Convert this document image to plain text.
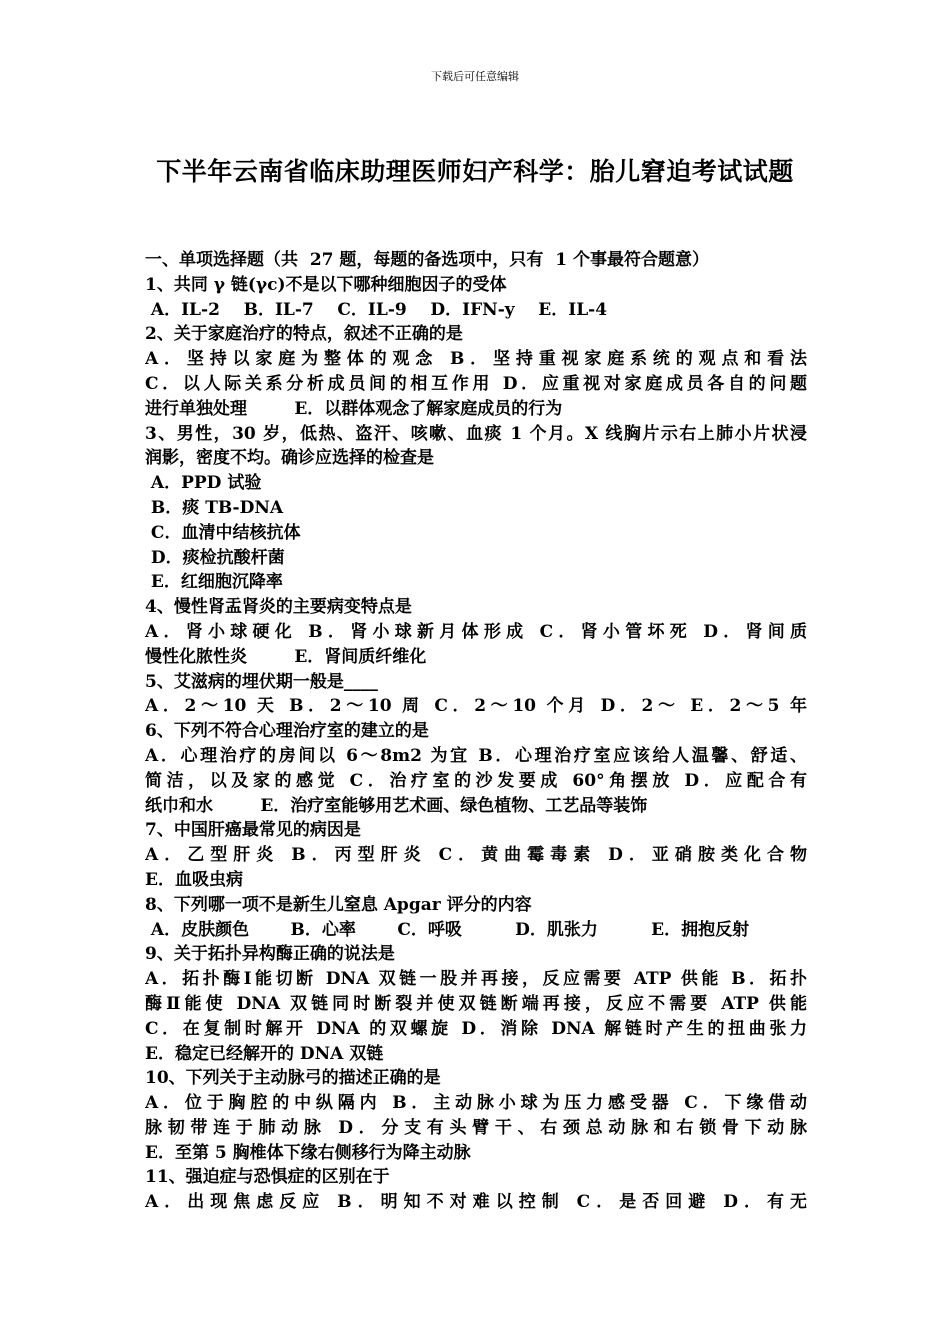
下载后可任意编辑
下半年云南省临床助理医师妇产科学：胎儿窘迫考试试题
一、单项选择题（共  27 题，每题的备选项中，只有  1 个事最符合题意）
1、共同 γ 链(γc)不是以下哪种细胞因子的受体
A．IL-2    B．IL-7    C．IL-9    D．IFN-y    E．IL-4
2、关于家庭治疗的特点，叙述不正确的是
A．坚持以家庭为整体的观念 B．坚持重视家庭系统的观点和看法
C．以人际关系分析成员间的相互作用 D．应重视对家庭成员各自的问题
进行单独处理        E．以群体观念了解家庭成员的行为
3、男性，30 岁，低热、盗汗、咳嗽、血痰 1 个月。X 线胸片示右上肺小片状浸
润影，密度不均。确诊应选择的检查是
A．PPD 试验
B．痰 TB-DNA
C．血清中结核抗体
D．痰检抗酸杆菌
E．红细胞沉降率
4、慢性肾盂肾炎的主要病变特点是
A．肾小球硬化 B．肾小球新月体形成 C．肾小管坏死 D．肾间质
慢性化脓性炎        E．肾间质纤维化
5、艾滋病的埋伏期一般是____
A．2～10 天 B．2～10 周 C．2～10 个月 D．2～ E．2～5 年
6、下列不符合心理治疗室的建立的是
A．心理治疗的房间以 6～8m2 为宜 B．心理治疗室应该给人温馨、舒适、
简洁，以及家的感觉 C．治疗室的沙发要成 60°角摆放 D．应配合有
纸巾和水        E．治疗室能够用艺术画、绿色植物、工艺品等装饰
7、中国肝癌最常见的病因是
A．乙型肝炎 B．丙型肝炎 C．黄曲霉毒素 D．亚硝胺类化合物
E．血吸虫病
8、下列哪一项不是新生儿窒息 Apgar 评分的内容
A．皮肤颜色       B．心率       C．呼吸         D．肌张力         E．拥抱反射
9、关于拓扑异构酶正确的说法是
A．拓扑酶Ⅰ能切断 DNA 双链一股并再接，反应需要 ATP 供能 B．拓扑
酶Ⅱ能使 DNA 双链同时断裂并使双链断端再接，反应不需要 ATP 供能
C．在复制时解开 DNA 的双螺旋 D．消除 DNA 解链时产生的扭曲张力
E．稳定已经解开的 DNA 双链
10、下列关于主动脉弓的描述正确的是
A．位于胸腔的中纵隔内 B．主动脉小球为压力感受器 C．下缘借动
脉韧带连于肺动脉 D．分支有头臂干、右颈总动脉和右锁骨下动脉
E．至第 5 胸椎体下缘右侧移行为降主动脉
11、强迫症与恐惧症的区别在于
A．出现焦虑反应 B．明知不对难以控制 C．是否回避 D．有无
